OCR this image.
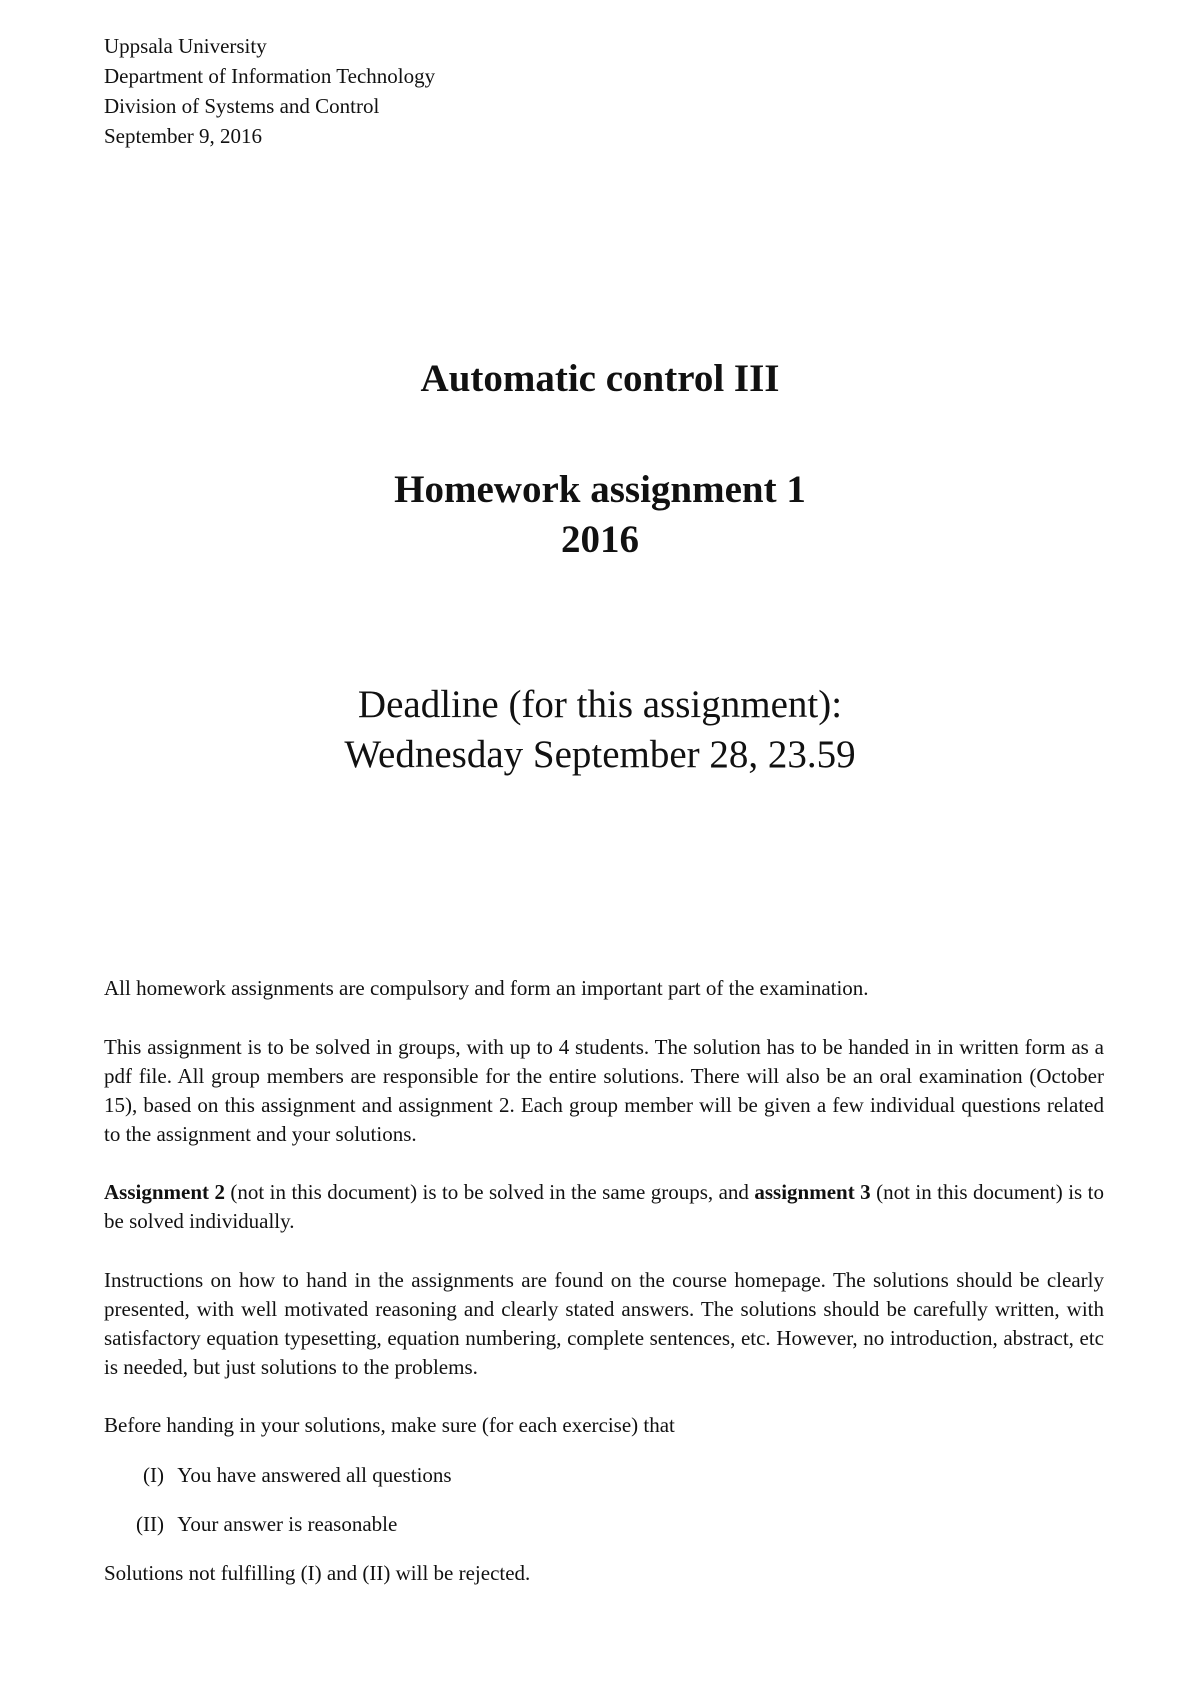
Uppsala University
Department of Information Technology
Division of Systems and Control
September 9, 2016
Automatic control III
Homework assignment 1
2016
Deadline (for this assignment):
Wednesday September 28, 23.59
All homework assignments are compulsory and form an important part of the examination.
This assignment is to be solved in groups, with up to 4 students. The solution has to be handed in in written form as a pdf file. All group members are responsible for the entire solutions. There will also be an oral examination (October 15), based on this assignment and assignment 2. Each group member will be given a few individual questions related to the assignment and your solutions.
Assignment 2 (not in this document) is to be solved in the same groups, and assignment 3 (not in this document) is to be solved individually.
Instructions on how to hand in the assignments are found on the course homepage. The solutions should be clearly presented, with well motivated reasoning and clearly stated answers. The solutions should be carefully written, with satisfactory equation typesetting, equation numbering, complete sentences, etc. However, no introduction, abstract, etc is needed, but just solutions to the problems.
Before handing in your solutions, make sure (for each exercise) that
(I) You have answered all questions
(II) Your answer is reasonable
Solutions not fulfilling (I) and (II) will be rejected.
